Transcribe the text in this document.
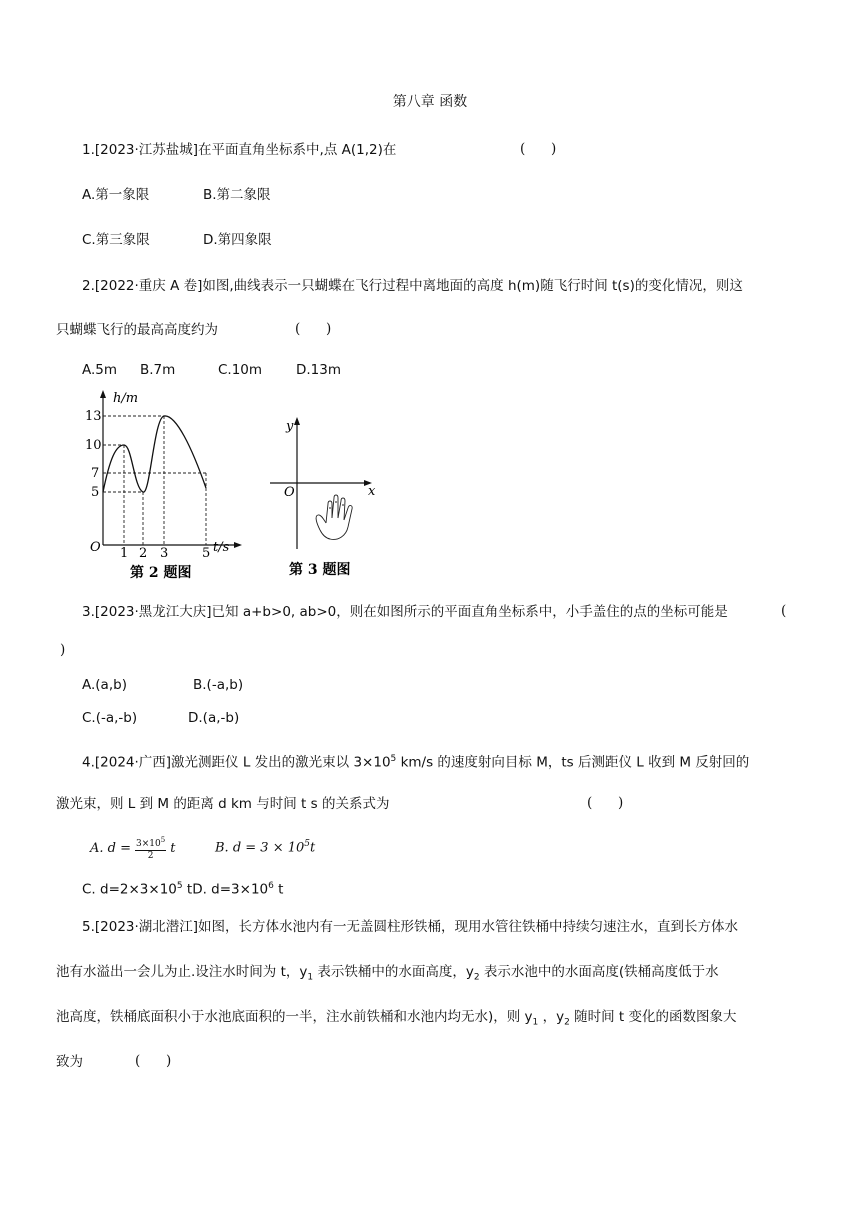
第八章 函数
1.[2023·江苏盐城]在平面直角坐标系中,点 A(1,2)在	(      )
A.第一象限	B.第二象限
C.第三象限	D.第四象限
2.[2022·重庆 A 卷]如图,曲线表示一只蝴蝶在飞行过程中离地面的高度 h(m)随飞行时间 t(s)的变化情况，则这
只蝴蝶飞行的最高高度约为	(      )
A.5m B.7m	C.10m	D.13m
h/m
t/s
O
13
10
7
5
1 2 3	5
第 2 题图
y
x
O
第 3 题图
3.[2023·黑龙江大庆]已知 a+b>0, ab>0，则在如图所示的平面直角坐标系中，小手盖住的点的坐标可能是	(
)
A.(a,b)	B.(-a,b)
C.(-a,-b)	D.(a,-b)
4.[2024·广西]激光测距仪 L 发出的激光束以 $3\times 10^5$ km/s 的速度射向目标 M，ts 后测距仪 L 收到 M 反射回的
激光束，则 L 到 M 的距离 d km 与时间 t s 的关系式为	(      )
A. $d = \frac{3\times 10^5}{2}$ t	B. $d = 3 \times 10^5t$
C. $d=2\times 3\times 10^5$ tD. $d=3\times 10^6$ t
5.[2023·湖北潜江]如图，长方体水池内有一无盖圆柱形铁桶，现用水管往铁桶中持续匀速注水，直到长方体水
池有水溢出一会儿为止.设注水时间为 t，$y_1$ 表示铁桶中的水面高度，$y_2$ 表示水池中的水面高度(铁桶高度低于水
池高度，铁桶底面积小于水池底面积的一半，注水前铁桶和水池内均无水)，则 $y_1$ ，$y_2$ 随时间 t 变化的函数图象大
致为	(      )
